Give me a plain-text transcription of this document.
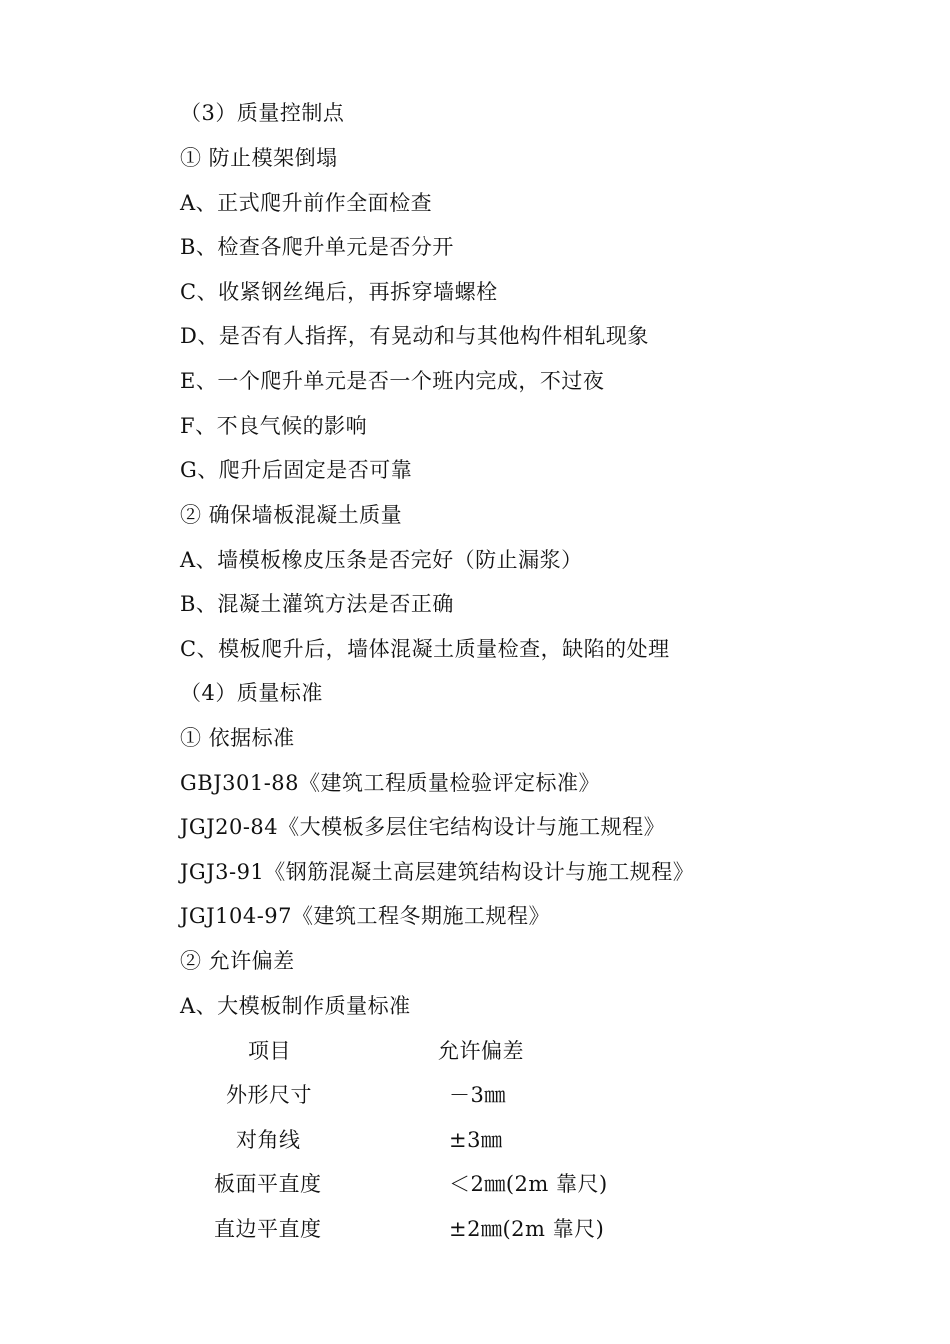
（3）质量控制点
① 防止模架倒塌
A、正式爬升前作全面检查
B、检查各爬升单元是否分开
C、收紧钢丝绳后，再拆穿墙螺栓
D、是否有人指挥，有晃动和与其他构件相轧现象
E、一个爬升单元是否一个班内完成，不过夜
F、不良气候的影响
G、爬升后固定是否可靠
② 确保墙板混凝土质量
A、墙模板橡皮压条是否完好（防止漏浆）
B、混凝土灌筑方法是否正确
C、模板爬升后，墙体混凝土质量检查，缺陷的处理
（4）质量标准
① 依据标准
GBJ301-88《建筑工程质量检验评定标准》
JGJ20-84《大模板多层住宅结构设计与施工规程》
JGJ3-91《钢筋混凝土高层建筑结构设计与施工规程》
JGJ104-97《建筑工程冬期施工规程》
② 允许偏差
A、大模板制作质量标准
项目	允许偏差
外形尺寸	－3㎜
对角线	±3㎜
板面平直度	＜2㎜(2m 靠尺)
直边平直度	±2㎜(2m 靠尺)
